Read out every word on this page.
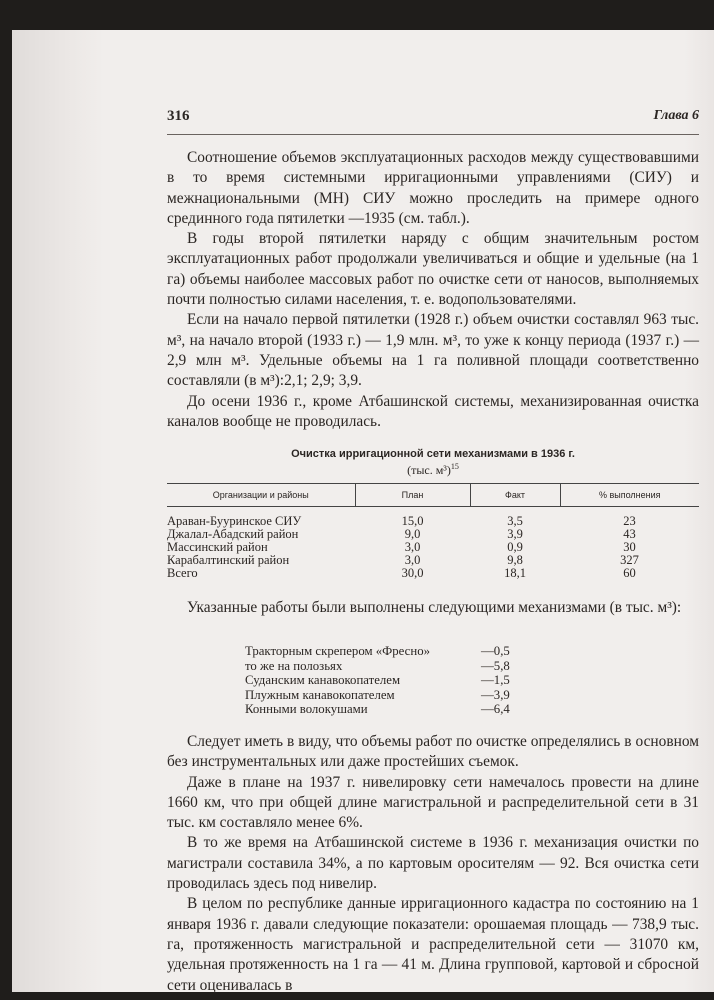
316	Глава 6

Соотношение объемов эксплуатационных расходов между существовавшими в то время системными ирригационными управлениями (СИУ) и межнациональными (МН) СИУ можно проследить на примере одного срединного года пятилетки —1935 (см. табл.).

В годы второй пятилетки наряду с общим значительным ростом эксплуатационных работ продолжали увеличиваться и общие и удельные (на 1 га) объемы наиболее массовых работ по очистке сети от наносов, выполняемых почти полностью силами населения, т. е. водопользователями.

Если на начало первой пятилетки (1928 г.) объем очистки составлял 963 тыс. м³, на начало второй (1933 г.) — 1,9 млн. м³, то уже к концу периода (1937 г.) —2,9 млн м³. Удельные объемы на 1 га поливной площади соответственно составляли (в м³):2,1; 2,9; 3,9.

До осени 1936 г., кроме Атбашинской системы, механизированная очистка каналов вообще не проводилась.

Очистка ирригационной сети механизмами в 1936 г.
(тыс. м³)$^{15}$
Организации и районы	План	Факт	% выполнения
Араван-Бууринское СИУ	15,0	3,5	23
Джалал-Абадский район	9,0	3,9	43
Массинский район	3,0	0,9	30
Карабалтинский район	3,0	9,8	327
Всего	30,0	18,1	60

Указанные работы были выполнены следующими механизмами (в тыс. м³):

Тракторным скрепером «Фресно»	—0,5
то же на полозьях	—5,8
Суданским канавокопателем	—1,5
Плужным канавокопателем	—3,9
Конными волокушами	—6,4

Следует иметь в виду, что объемы работ по очистке определялись в основном без инструментальных или даже простейших съемок.

Даже в плане на 1937 г. нивелировку сети намечалось провести на длине 1660 км, что при общей длине магистральной и распределительной сети в 31 тыс. км составляло менее 6%.

В то же время на Атбашинской системе в 1936 г. механизация очистки по магистрали составила 34%, а по картовым оросителям — 92. Вся очистка сети проводилась здесь под нивелир.

В целом по республике данные ирригационного кадастра по состоянию на 1 января 1936 г. давали следующие показатели: орошаемая площадь — 738,9 тыс. га, протяженность магистральной и распределительной сети — 31070 км, удельная протяженность на 1 га — 41 м. Длина групповой, картовой и сбросной сети оценивалась в
